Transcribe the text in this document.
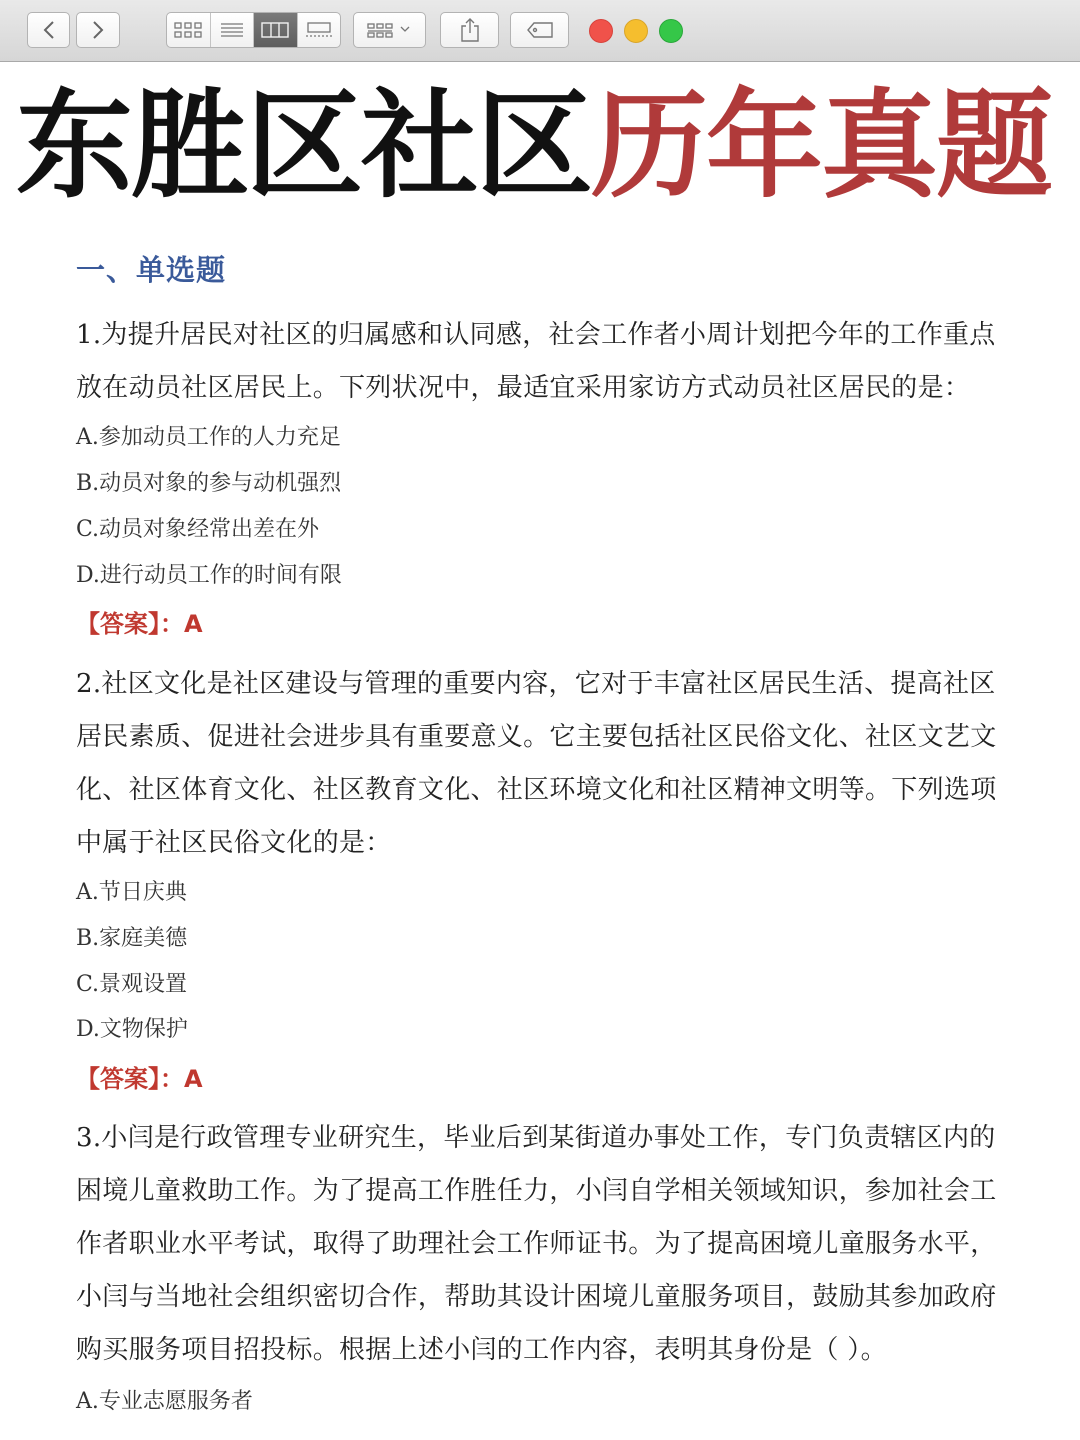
东胜区社区历年真题
一、单选题
1.为提升居民对社区的归属感和认同感，社会工作者小周计划把今年的工作重点
放在动员社区居民上。下列状况中，最适宜采用家访方式动员社区居民的是：
A.参加动员工作的人力充足
B.动员对象的参与动机强烈
C.动员对象经常出差在外
D.进行动员工作的时间有限
【答案】：A
2.社区文化是社区建设与管理的重要内容，它对于丰富社区居民生活、提高社区
居民素质、促进社会进步具有重要意义。它主要包括社区民俗文化、社区文艺文
化、社区体育文化、社区教育文化、社区环境文化和社区精神文明等。下列选项
中属于社区民俗文化的是：
A.节日庆典
B.家庭美德
C.景观设置
D.文物保护
【答案】：A
3.小闫是行政管理专业研究生，毕业后到某街道办事处工作，专门负责辖区内的
困境儿童救助工作。为了提高工作胜任力，小闫自学相关领域知识，参加社会工
作者职业水平考试，取得了助理社会工作师证书。为了提高困境儿童服务水平，
小闫与当地社会组织密切合作，帮助其设计困境儿童服务项目，鼓励其参加政府
购买服务项目招投标。根据上述小闫的工作内容，表明其身份是（ ）。
A.专业志愿服务者
